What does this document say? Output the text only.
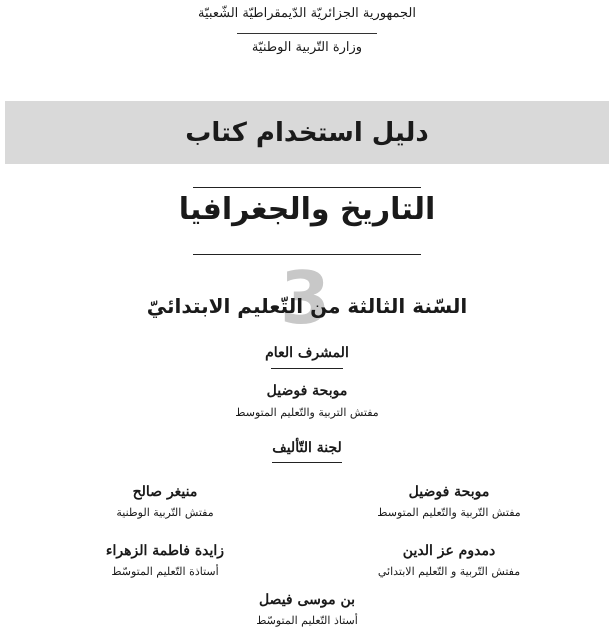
الجمهورية الجزائريّة الدّيمقراطيّة الشّعبيّة
وزارة التّربية الوطنيّة
دليل استخدام كتاب
التاريخ والجغرافيا
3
السّنة الثالثة من التّعليم الابتدائيّ
المشرف العام
موبحة فوضيل
مفتش التربية والتّعليم المتوسط
لجنة التّأليف
موبحة فوضيل
مفتش التّربية والتّعليم المتوسط
منيغر صالح
مفتش التّربية الوطنية
دمدوم عز الدين
مفتش التّربية و التّعليم الابتدائي
زايدة فاطمة الزهراء
أستاذة التّعليم المتوسّط
بن موسى فيصل
أستاذ التّعليم المتوسّط
